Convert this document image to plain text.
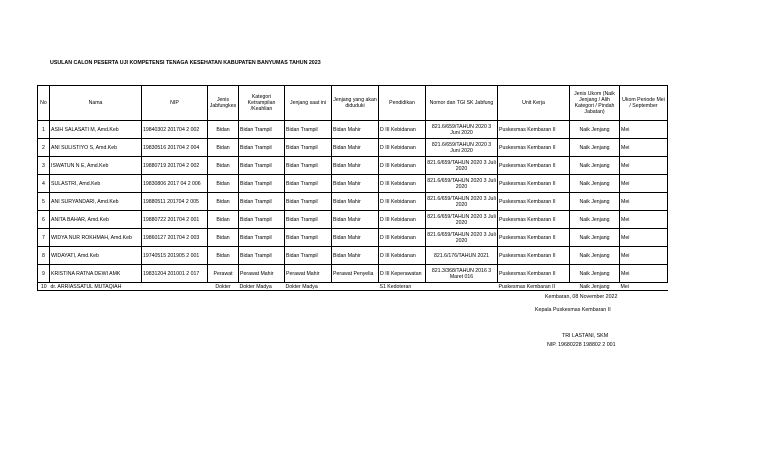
USULAN CALON PESERTA UJI KOMPETENSI TENAGA KESEHATAN KABUPATEN BANYUMAS TAHUN 2023
No	Nama	NIP	Jenis Jabfungkes	Kategori Ketrampilan /Keahlian	Jenjang saat ini	Jenjang yang akan diduduki	Pendidikan	Nomor dan TGl SK Jabfung	Unit Kerja	Jenis Ukom (Naik Jenjang / Alih Kategori / Pindah Jabatan)	Ukom Periode Mei / September
1	ASIH SALASATI M, Amd.Keb	19840302 201704 2 002	Bidan	Bidan Trampil	Bidan Trampil	Bidan Mahir	D III Kebidanan	821.6/659/TAHUN 2020 3 Juni 2020	Puskesmas Kembaran II	Naik Jenjang	Mei
2	ANI SULISTIYO S, Amd.Keb	19830516 201704 2 004	Bidan	Bidan Trampil	Bidan Trampil	Bidan Mahir	D III Kebidanan	821.6/659/TAHUN 2020 3 Juni 2020	Puskesmas Kembaran II	Naik Jenjang	Mei
3	ISWATUN N E, Amd.Keb	19880719 201704 2 002	Bidan	Bidan Trampil	Bidan Trampil	Bidan Mahir	D III Kebidanan	821.6/659/TAHUN 2020 3 Juli 2020	Puskesmas Kembaran II	Naik Jenjang	Mei
4	SULASTRI, Amd.Keb	19830806 2017 04 2 006	Bidan	Bidan Trampil	Bidan Trampil	Bidan Mahir	D III Kebidanan	821.6/659/TAHUN 2020 3 Juli 2020	Puskesmas Kembaran II	Naik Jenjang	Mei
5	ANI SURYANDARI, Amd.Keb	19880511 201704 2 005	Bidan	Bidan Trampil	Bidan Trampil	Bidan Mahir	D III Kebidanan	821.6/659/TAHUN 2020 3 Juli 2020	Puskesmas Kembaran II	Naik Jenjang	Mei
6	ANITA BAHAR, Amd.Keb	19880722 201704 2 001	Bidan	Bidan Trampil	Bidan Trampil	Bidan Mahir	D III Kebidanan	821.6/659/TAHUN 2020 3 Juli 2020	Puskesmas Kembaran II	Naik Jenjang	Mei
7	WIDYA NUR ROKHMAH, Amd.Keb	19860127 201704 2 003	Bidan	Bidan Trampil	Bidan Trampil	Bidan Mahir	D III Kebidanan	821.6/659/TAHUN 2020 3 Juli 2020	Puskesmas Kembaran II	Naik Jenjang	Mei
8	WIDAYATI, Amd.Keb	19740515 201905 2 001	Bidan	Bidan Trampil	Bidan Trampil	Bidan Mahir	D III Kebidanan	821.6/176/TAHUN 2021	Puskesmas Kembaran II	Naik Jenjang	Mei
9	KRISTINA RATNA DEWI AMK	19831204 201001 2 017	Perawat	Perawat Mahir	Perawat Mahir	Perawat Penyelia	D III Keperawatan	821.3/368/TAHUN 2016 3 Maret 016	Puskesmas Kembaran II	Naik Jenjang	Mei
10	dr. ARRIASSATUL MUTAQIAH		Dokter	Dokter Madya	Dokter Madya		S1 Kedoteran		Puskesmas Kembaran II	Naik Jenjang	Mei
Kembaran, 08 November 2022
Kepala Puskesmas Kembaran II
TRI LASTANI, SKM
NIP. 19680228 198802 2 001
